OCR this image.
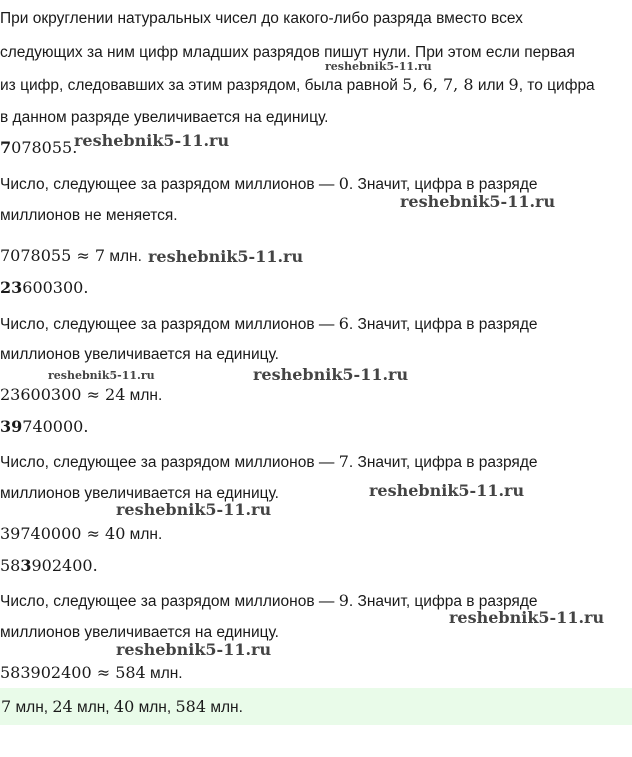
При округлении натуральных чисел до какого-либо разряда вместо всех
следующих за ним цифр младших разрядов пишут нули. При этом если первая
из цифр, следовавших за этим разрядом, была равной 5, 6, 7, 8 или 9, то цифра
в данном разряде увеличивается на единицу.
7078055.
Число, следующее за разрядом миллионов — 0. Значит, цифра в разряде
миллионов не меняется.
7078055 ≈ 7 млн.
23600300.
Число, следующее за разрядом миллионов — 6. Значит, цифра в разряде
миллионов увеличивается на единицу.
23600300 ≈ 24 млн.
39740000.
Число, следующее за разрядом миллионов — 7. Значит, цифра в разряде
миллионов увеличивается на единицу.
39740000 ≈ 40 млн.
583902400.
Число, следующее за разрядом миллионов — 9. Значит, цифра в разряде
миллионов увеличивается на единицу.
583902400 ≈ 584 млн.
7 млн, 24 млн, 40 млн, 584 млн.
reshebnik5-11.ru
reshebnik5-11.ru
reshebnik5-11.ru
reshebnik5-11.ru
reshebnik5-11.ru	reshebnik5-11.ru
reshebnik5-11.ru
reshebnik5-11.ru
reshebnik5-11.ru
reshebnik5-11.ru
